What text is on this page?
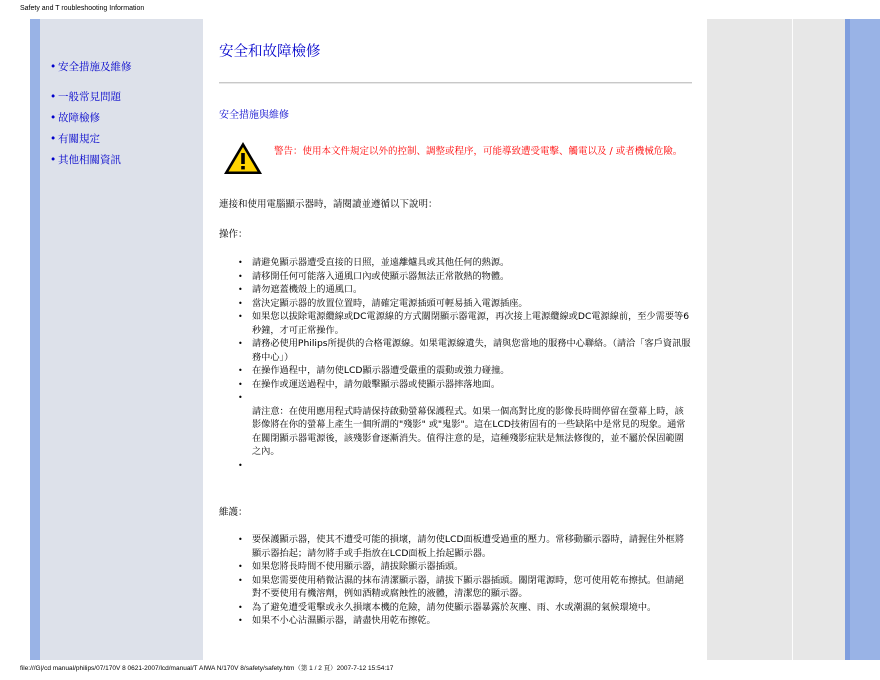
Safety and T roubleshooting Information
• 安全措施及維修
• 一般常見問題
• 故障檢修
• 有關規定
• 其他相關資訊
安全和故障檢修
安全措施與維修
警告：使用本文件規定以外的控制、調整或程序，可能導致遭受電擊、觸電以及 / 或者機械危險。
連接和使用電腦顯示器時，請閱讀並遵循以下說明：
操作：
• 請避免顯示器遭受直接的日照，並遠離爐具或其他任何的熱源。
• 請移開任何可能落入通風口內或使顯示器無法正常散熱的物體。
• 請勿遮蓋機殼上的通風口。
• 當決定顯示器的放置位置時，請確定電源插頭可輕易插入電源插座。
• 如果您以拔除電源纜線或DC電源線的方式關閉顯示器電源，再次接上電源纜線或DC電源線前，至少需要等6秒鐘，才可正常操作。
• 請務必使用Philips所提供的合格電源線。如果電源線遺失，請與您當地的服務中心聯絡。（請洽「客戶資訊服務中心」）
• 在操作過程中，請勿使LCD顯示器遭受嚴重的震動或強力碰撞。
• 在操作或運送過程中，請勿敲擊顯示器或使顯示器摔落地面。
•
請注意：在使用應用程式時請保持啟動螢幕保護程式。如果一個高對比度的影像長時間停留在螢幕上時，該影像將在你的螢幕上產生一個所謂的"殘影" 或"鬼影"。這在LCD技術固有的一些缺陷中是常見的現象。通常在關閉顯示器電源後，該殘影會逐漸消失。值得注意的是，這種殘影症狀是無法修復的，並不屬於保固範圍之內。
•
維護：
• 要保護顯示器，使其不遭受可能的損壞，請勿使LCD面板遭受過重的壓力。常移動顯示器時，請握住外框將顯示器抬起；請勿將手或手指放在LCD面板上抬起顯示器。
• 如果您將長時間不使用顯示器，請拔除顯示器插頭。
• 如果您需要使用稍微沾濕的抹布清潔顯示器，請拔下顯示器插頭。關閉電源時，您可使用乾布擦拭。但請絕對不要使用有機溶劑，例如酒精或腐蝕性的液體，清潔您的顯示器。
• 為了避免遭受電擊或永久損壞本機的危險，請勿使顯示器暴露於灰塵、雨、水或潮濕的氣候環境中。
• 如果不小心沾濕顯示器，請盡快用乾布擦乾。
file:///G|/cd manual/philips/07/170V 8 0621-2007/lcd/manual/T AIWA N/170V 8/safety/safety.htm（第 1 / 2 頁）2007-7-12 15:54:17
